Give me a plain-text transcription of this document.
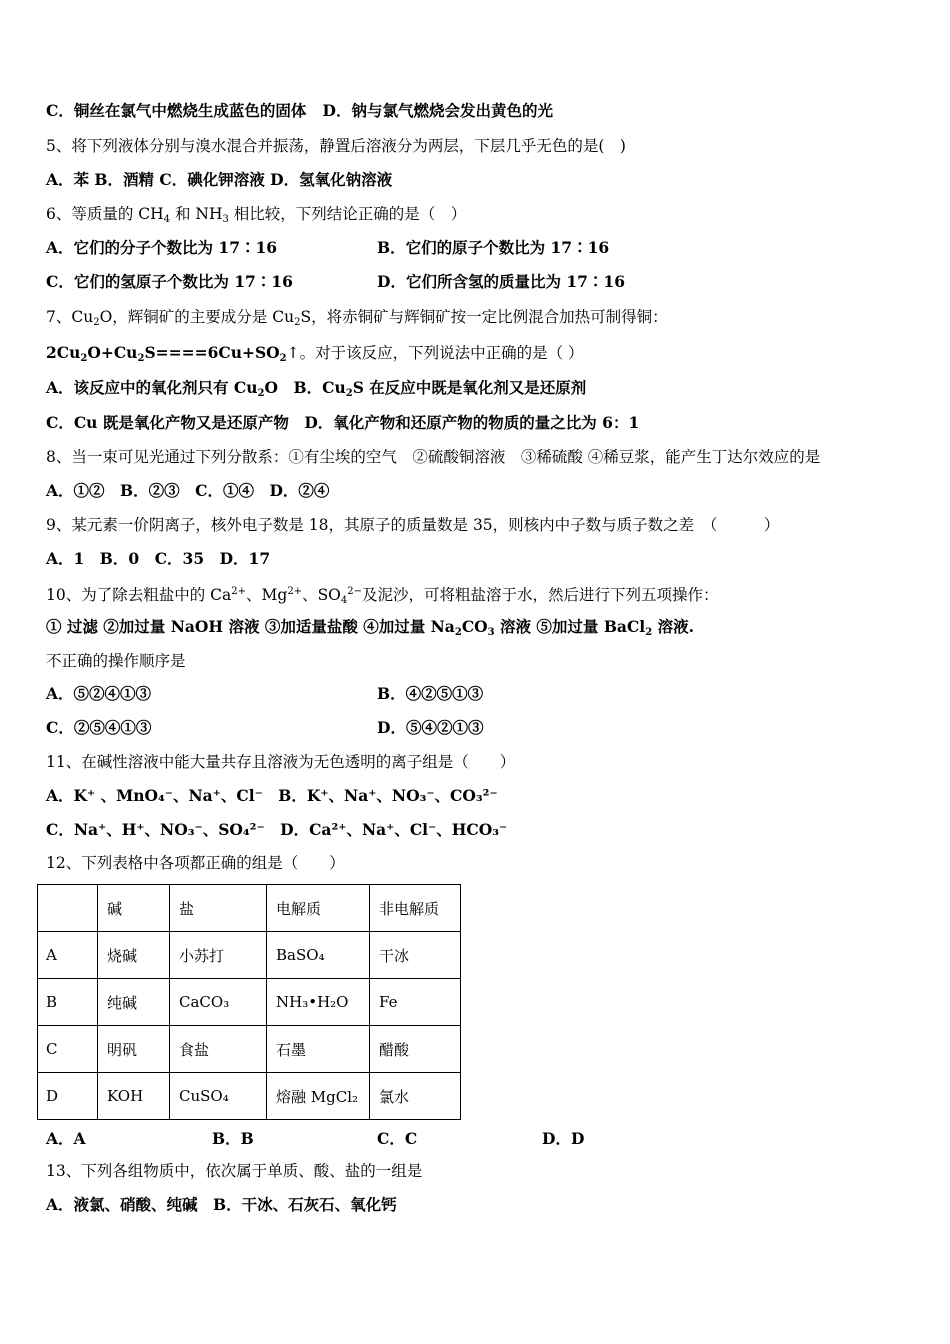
C．铜丝在氯气中燃烧生成蓝色的固体 D．钠与氯气燃烧会发出黄色的光
5、将下列液体分别与溴水混合并振荡，静置后溶液分为两层，下层几乎无色的是(　)
A．苯 B．酒精 C．碘化钾溶液 D．氢氧化钠溶液
6、等质量的 $CH_4$ 和 $NH_3$ 相比较，下列结论正确的是（　）
A．它们的分子个数比为 17∶16	B．它们的原子个数比为 17∶16
C．它们的氢原子个数比为 17∶16	D．它们所含氢的质量比为 17∶16
7、$Cu_2O$，辉铜矿的主要成分是 $Cu_2S$，将赤铜矿与辉铜矿按一定比例混合加热可制得铜：
$2Cu_2O+Cu_2S====6Cu+SO_2↑$。对于该反应，下列说法中正确的是（ ）
A．该反应中的氧化剂只有 $Cu_2O$　B．$Cu_2S$ 在反应中既是氧化剂又是还原剂
C．Cu 既是氧化产物又是还原产物　D．氧化产物和还原产物的物质的量之比为 6：1
8、当一束可见光通过下列分散系：①有尘埃的空气　②硫酸铜溶液　③稀硫酸 ④稀豆浆，能产生丁达尔效应的是
A．①②　B．②③　C．①④　D．②④
9、某元素一价阴离子，核外电子数是 18，其原子的质量数是 35，则核内中子数与质子数之差　（　　　）
A．1　B．0　C．35　D．17
10、为了除去粗盐中的 $Ca^{2+}$、$Mg^{2+}$、$SO_4^{2-}$及泥沙，可将粗盐溶于水，然后进行下列五项操作：
① 过滤 ②加过量 NaOH 溶液 ③加适量盐酸 ④加过量 $Na_2CO_3$ 溶液 ⑤加过量 BaCl$_2$ 溶液.
不正确的操作顺序是
A．⑤②④①③	B．④②⑤①③
C．②⑤④①③	D．⑤④②①③
11、在碱性溶液中能大量共存且溶液为无色透明的离子组是（　　）
A．K⁺ 、MnO₄⁻、Na⁺、Cl⁻　B．K⁺、Na⁺、NO₃⁻、CO₃²⁻
C．Na⁺、H⁺、NO₃⁻、SO₄²⁻　D．Ca²⁺、Na⁺、Cl⁻、HCO₃⁻
12、下列表格中各项都正确的组是（　　）
	碱	盐	电解质	非电解质
A	烧碱	小苏打	BaSO₄	干冰
B	纯碱	CaCO₃	NH₃•H₂O	Fe
C	明矾	食盐	石墨	醋酸
D	KOH	CuSO₄	熔融 MgCl₂	氯水
A．A	B．B	C．C	D．D
13、下列各组物质中，依次属于单质、酸、盐的一组是
A．液氯、硝酸、纯碱　B．干冰、石灰石、氧化钙
